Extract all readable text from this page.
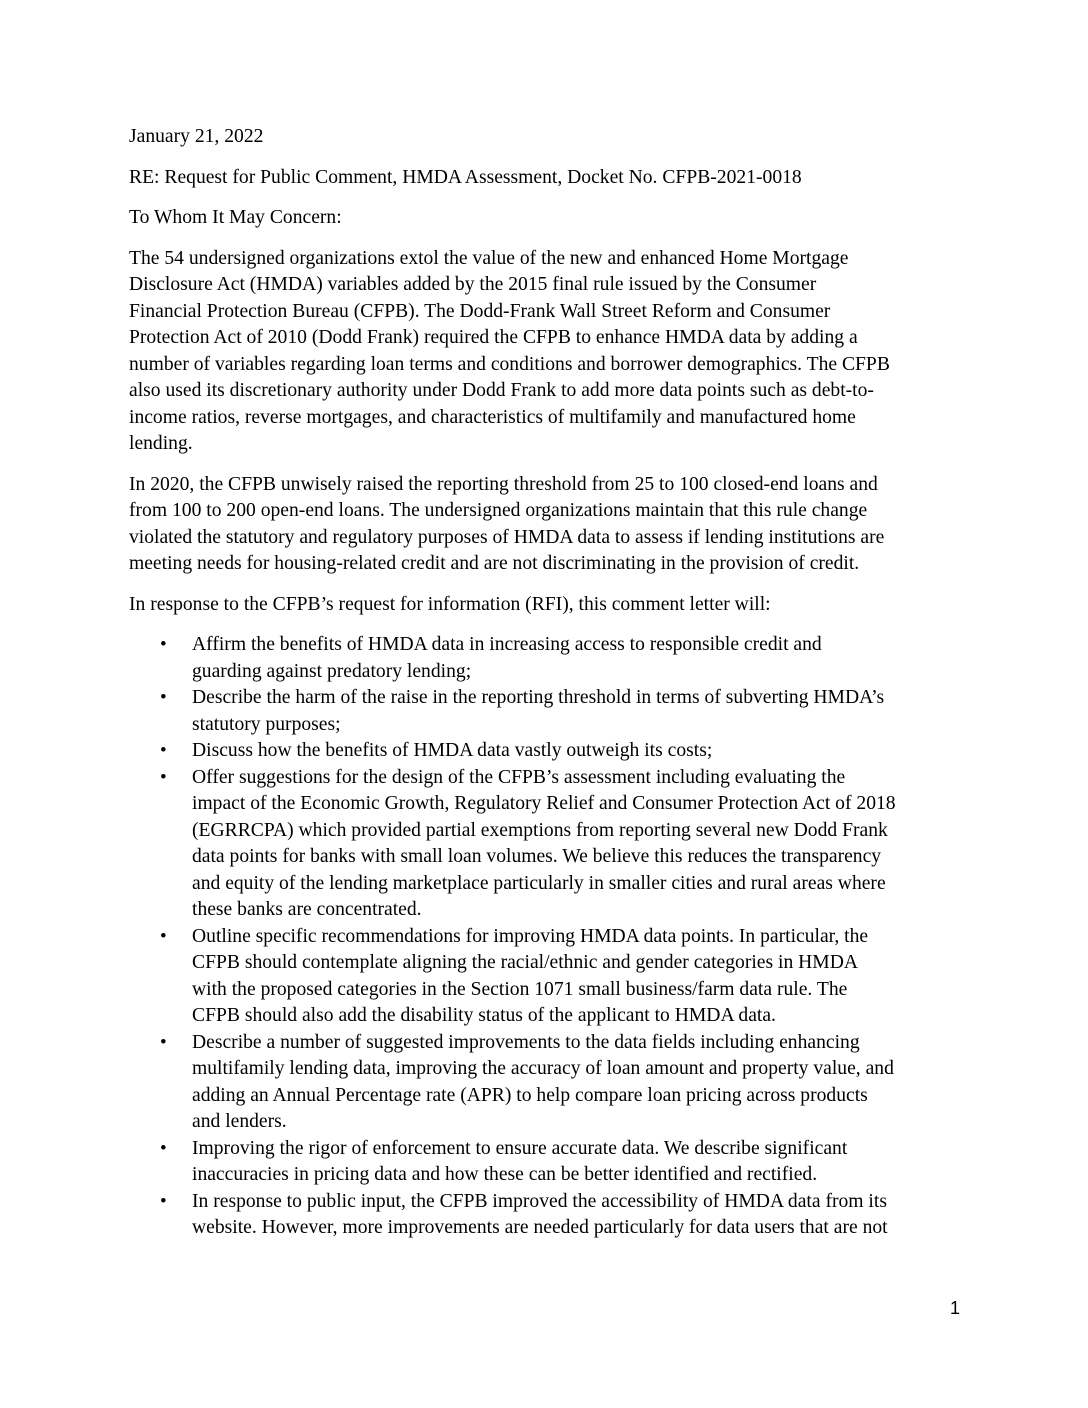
January 21, 2022

RE: Request for Public Comment, HMDA Assessment, Docket No. CFPB-2021-0018

To Whom It May Concern:

The 54 undersigned organizations extol the value of the new and enhanced Home Mortgage
Disclosure Act (HMDA) variables added by the 2015 final rule issued by the Consumer
Financial Protection Bureau (CFPB). The Dodd-Frank Wall Street Reform and Consumer
Protection Act of 2010 (Dodd Frank) required the CFPB to enhance HMDA data by adding a
number of variables regarding loan terms and conditions and borrower demographics. The CFPB
also used its discretionary authority under Dodd Frank to add more data points such as debt-to-
income ratios, reverse mortgages, and characteristics of multifamily and manufactured home
lending.

In 2020, the CFPB unwisely raised the reporting threshold from 25 to 100 closed-end loans and
from 100 to 200 open-end loans. The undersigned organizations maintain that this rule change
violated the statutory and regulatory purposes of HMDA data to assess if lending institutions are
meeting needs for housing-related credit and are not discriminating in the provision of credit.

In response to the CFPB’s request for information (RFI), this comment letter will:

• Affirm the benefits of HMDA data in increasing access to responsible credit and
guarding against predatory lending;
• Describe the harm of the raise in the reporting threshold in terms of subverting HMDA’s
statutory purposes;
• Discuss how the benefits of HMDA data vastly outweigh its costs;
• Offer suggestions for the design of the CFPB’s assessment including evaluating the
impact of the Economic Growth, Regulatory Relief and Consumer Protection Act of 2018
(EGRRCPA) which provided partial exemptions from reporting several new Dodd Frank
data points for banks with small loan volumes. We believe this reduces the transparency
and equity of the lending marketplace particularly in smaller cities and rural areas where
these banks are concentrated.
• Outline specific recommendations for improving HMDA data points. In particular, the
CFPB should contemplate aligning the racial/ethnic and gender categories in HMDA
with the proposed categories in the Section 1071 small business/farm data rule. The
CFPB should also add the disability status of the applicant to HMDA data.
• Describe a number of suggested improvements to the data fields including enhancing
multifamily lending data, improving the accuracy of loan amount and property value, and
adding an Annual Percentage rate (APR) to help compare loan pricing across products
and lenders.
• Improving the rigor of enforcement to ensure accurate data. We describe significant
inaccuracies in pricing data and how these can be better identified and rectified.
• In response to public input, the CFPB improved the accessibility of HMDA data from its
website. However, more improvements are needed particularly for data users that are not
1
